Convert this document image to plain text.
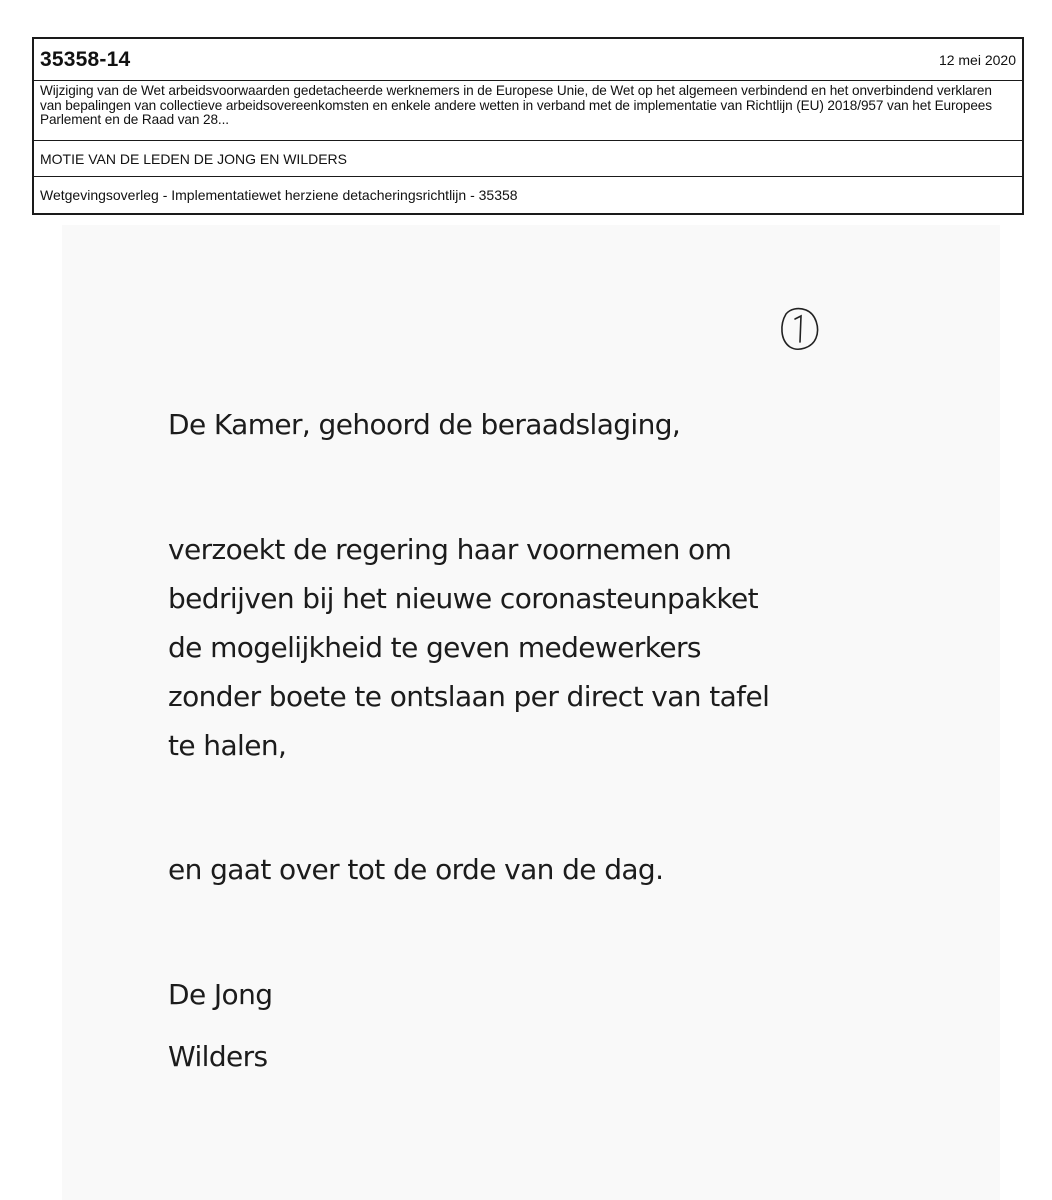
35358-14	12 mei 2020
Wijziging van de Wet arbeidsvoorwaarden gedetacheerde werknemers in de Europese Unie, de Wet op het algemeen verbindend en het onverbindend verklaren van bepalingen van collectieve arbeidsovereenkomsten en enkele andere wetten in verband met de implementatie van Richtlijn (EU) 2018/957 van het Europees Parlement en de Raad van 28...
MOTIE VAN DE LEDEN DE JONG EN WILDERS
Wetgevingsoverleg - Implementatiewet herziene detacheringsrichtlijn - 35358
De Kamer, gehoord de beraadslaging,
verzoekt de regering haar voornemen om
bedrijven bij het nieuwe coronasteunpakket
de mogelijkheid te geven medewerkers
zonder boete te ontslaan per direct van tafel
te halen,
en gaat over tot de orde van de dag.
De Jong
Wilders
